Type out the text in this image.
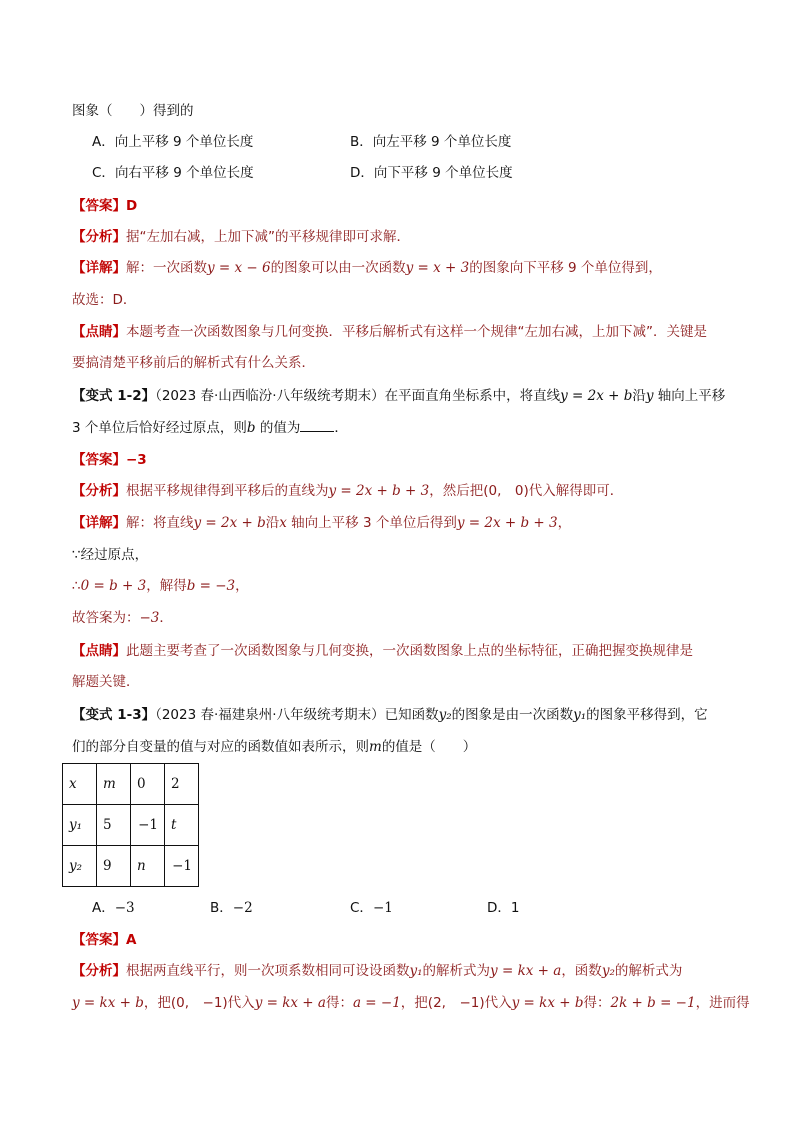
图象（　　）得到的
A．向上平移 9 个单位长度	B．向左平移 9 个单位长度
C．向右平移 9 个单位长度	D．向下平移 9 个单位长度
【答案】D
【分析】据“左加右减，上加下减”的平移规律即可求解．
【详解】解：一次函数y = x − 6的图象可以由一次函数y = x + 3的图象向下平移 9 个单位得到，
故选：D．
【点睛】本题考查一次函数图象与几何变换．平移后解析式有这样一个规律“左加右减，上加下减”．关键是
要搞清楚平移前后的解析式有什么关系．
【变式 1-2】（2023 春·山西临汾·八年级统考期末）在平面直角坐标系中，将直线y = 2x + b沿y 轴向上平移
3 个单位后恰好经过原点，则b 的值为	．
【答案】−3
【分析】根据平移规律得到平移后的直线为y = 2x + b + 3，然后把(0,　0)代入解得即可．
【详解】解：将直线y = 2x + b沿x 轴向上平移 3 个单位后得到y = 2x + b + 3，
∵经过原点，
∴0 = b + 3，解得b = −3，
故答案为：−3．
【点睛】此题主要考查了一次函数图象与几何变换，一次函数图象上点的坐标特征，正确把握变换规律是
解题关键．
【变式 1-3】（2023 春·福建泉州·八年级统考期末）已知函数y₂的图象是由一次函数y₁的图象平移得到，它
们的部分自变量的值与对应的函数值如表所示，则m的值是（　　）
x	m	0	2
y₁	5	−1	t
y₂	9	n	−1
A．−3	B．−2	C．−1	D．1
【答案】A
【分析】根据两直线平行，则一次项系数相同可设设函数y₁的解析式为y = kx + a，函数y₂的解析式为
y = kx + b，把(0,　−1)代入y = kx + a得：a = −1，把(2,　−1)代入y = kx + b得：2k + b = −1，进而得
